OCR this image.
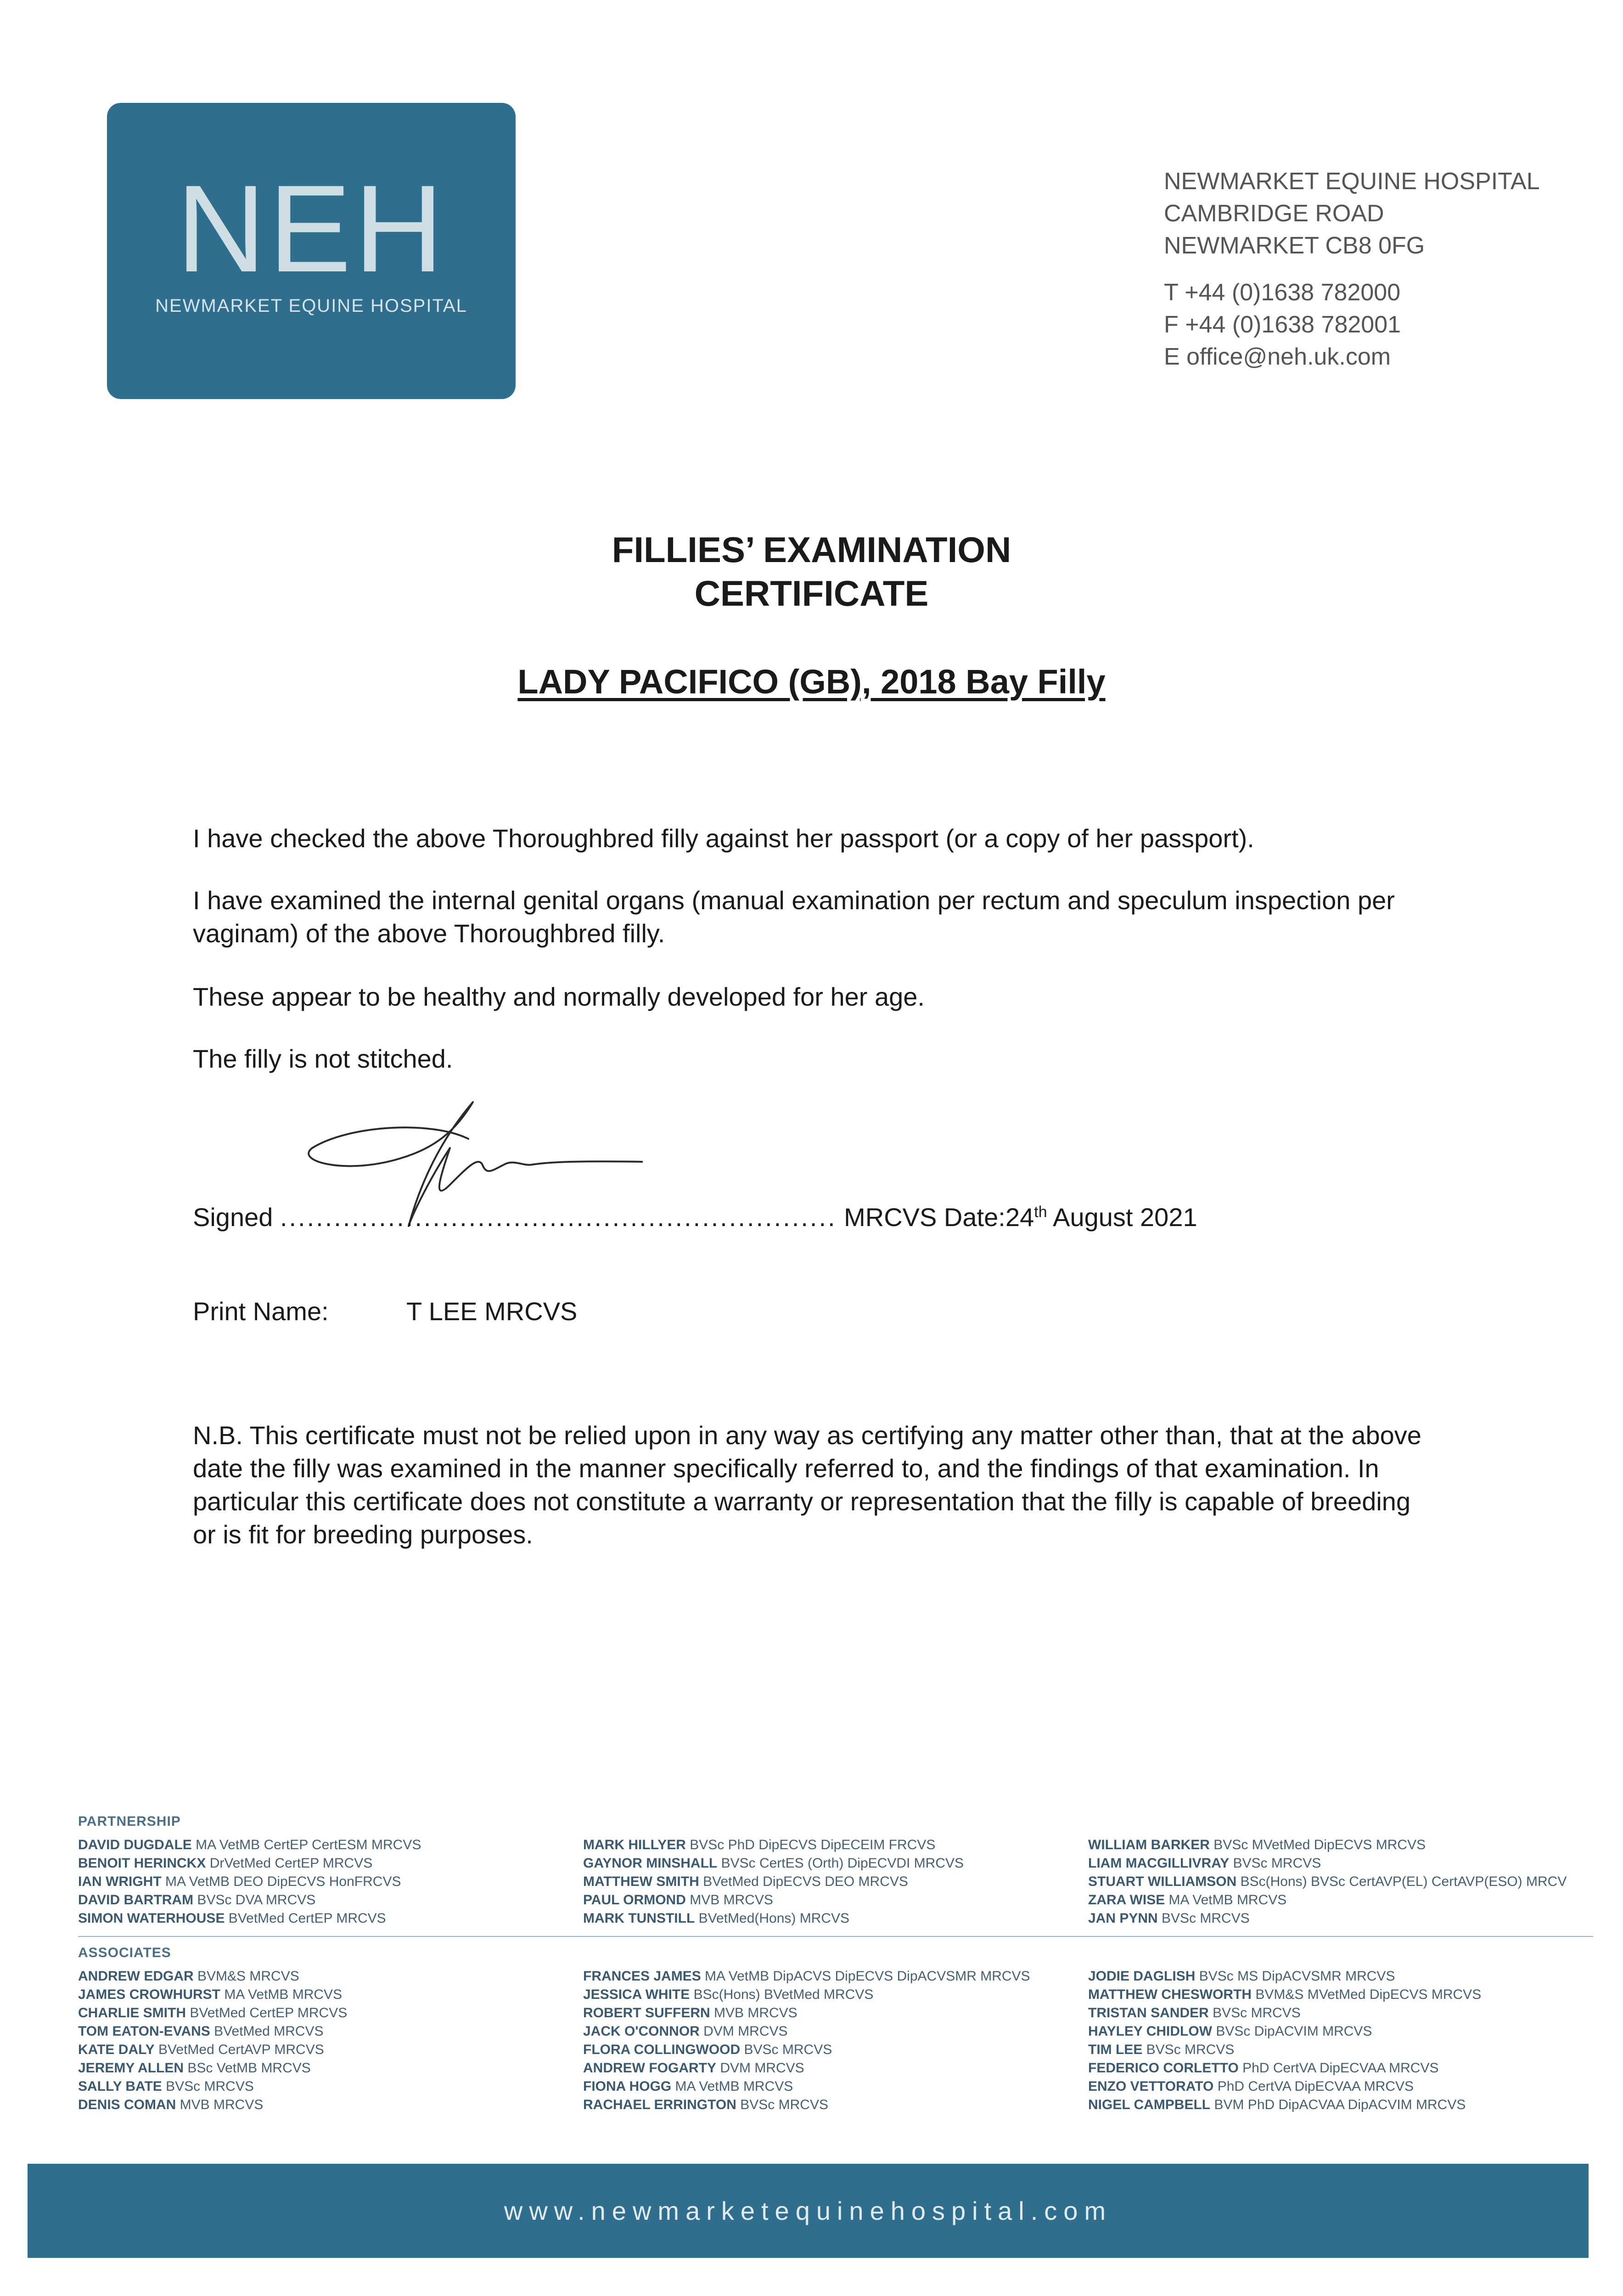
NEH
NEWMARKET EQUINE HOSPITAL
NEWMARKET EQUINE HOSPITAL
CAMBRIDGE ROAD
NEWMARKET CB8 0FG
T +44 (0)1638 782000
F +44 (0)1638 782001
E office@neh.uk.com
FILLIES’ EXAMINATION
CERTIFICATE
LADY PACIFICO (GB), 2018 Bay Filly
I have checked the above Thoroughbred filly against her passport (or a copy of her passport).
I have examined the internal genital organs (manual examination per rectum and speculum inspection per vaginam) of the above Thoroughbred filly.
These appear to be healthy and normally developed for her age.
The filly is not stitched.
Signed .............................................................. MRCVS Date: 24th August 2021
Print Name:	T LEE MRCVS
N.B. This certificate must not be relied upon in any way as certifying any matter other than, that at the above date the filly was examined in the manner specifically referred to, and the findings of that examination. In particular this certificate does not constitute a warranty or representation that the filly is capable of breeding or is fit for breeding purposes.
PARTNERSHIP
DAVID DUGDALE MA VetMB CertEP CertESM MRCVS
BENOIT HERINCKX DrVetMed CertEP MRCVS
IAN WRIGHT MA VetMB DEO DipECVS HonFRCVS
DAVID BARTRAM BVSc DVA MRCVS
SIMON WATERHOUSE BVetMed CertEP MRCVS
MARK HILLYER BVSc PhD DipECVS DipECEIM FRCVS
GAYNOR MINSHALL BVSc CertES (Orth) DipECVDI MRCVS
MATTHEW SMITH BVetMed DipECVS DEO MRCVS
PAUL ORMOND MVB MRCVS
MARK TUNSTILL BVetMed(Hons) MRCVS
WILLIAM BARKER BVSc MVetMed DipECVS MRCVS
LIAM MACGILLIVRAY BVSc MRCVS
STUART WILLIAMSON BSc(Hons) BVSc CertAVP(EL) CertAVP(ESO) MRCV
ZARA WISE MA VetMB MRCVS
JAN PYNN BVSc MRCVS
ASSOCIATES
ANDREW EDGAR BVM&S MRCVS
JAMES CROWHURST MA VetMB MRCVS
CHARLIE SMITH BVetMed CertEP MRCVS
TOM EATON-EVANS BVetMed MRCVS
KATE DALY BVetMed CertAVP MRCVS
JEREMY ALLEN BSc VetMB MRCVS
SALLY BATE BVSc MRCVS
DENIS COMAN MVB MRCVS
FRANCES JAMES MA VetMB DipACVS DipECVS DipACVSMR MRCVS
JESSICA WHITE BSc(Hons) BVetMed MRCVS
ROBERT SUFFERN MVB MRCVS
JACK O'CONNOR DVM MRCVS
FLORA COLLINGWOOD BVSc MRCVS
ANDREW FOGARTY DVM MRCVS
FIONA HOGG MA VetMB MRCVS
RACHAEL ERRINGTON BVSc MRCVS
JODIE DAGLISH BVSc MS DipACVSMR MRCVS
MATTHEW CHESWORTH BVM&S MVetMed DipECVS MRCVS
TRISTAN SANDER BVSc MRCVS
HAYLEY CHIDLOW BVSc DipACVIM MRCVS
TIM LEE BVSc MRCVS
FEDERICO CORLETTO PhD CertVA DipECVAA MRCVS
ENZO VETTORATO PhD CertVA DipECVAA MRCVS
NIGEL CAMPBELL BVM PhD DipACVAA DipACVIM MRCVS
www.newmarketequinehospital.com
